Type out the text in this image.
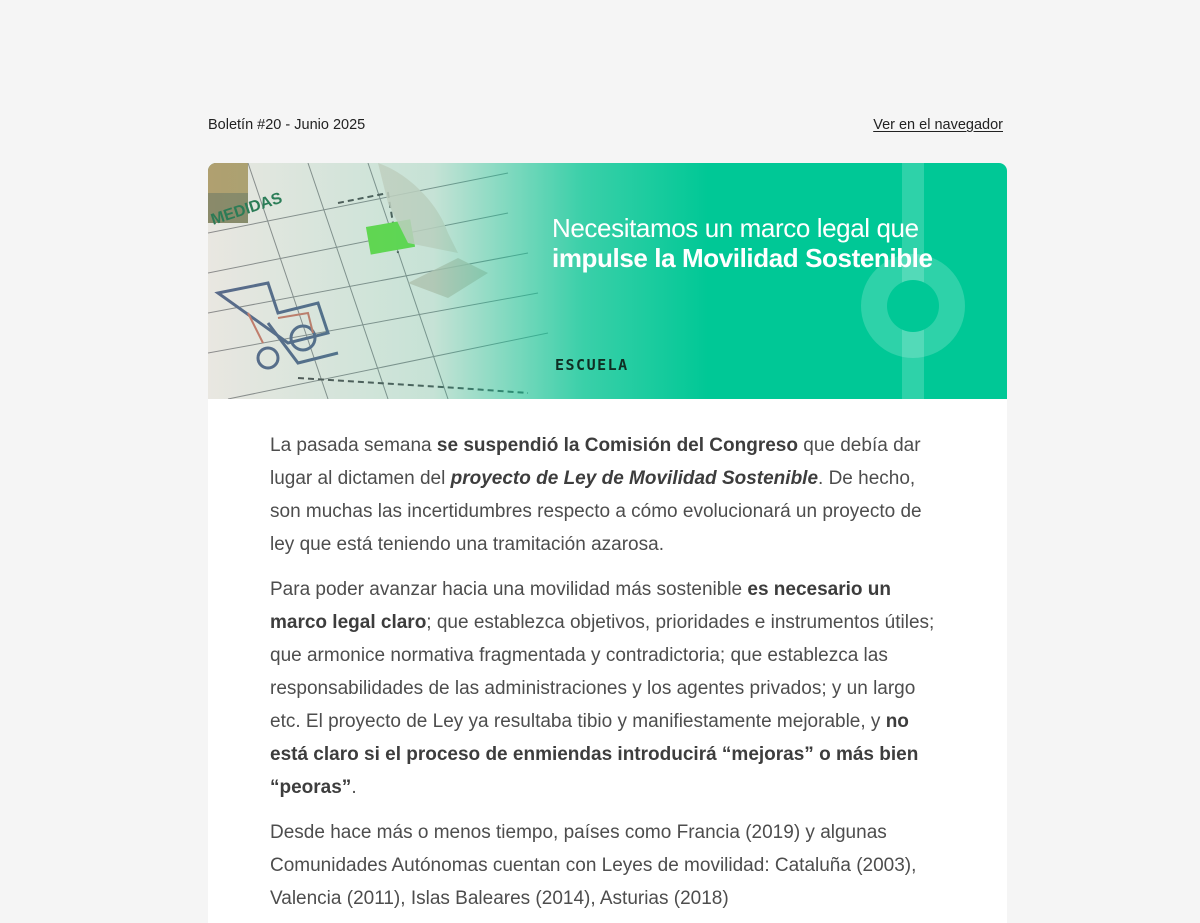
Boletín #20 - Junio 2025	Ver en el navegador
Necesitamos un marco legal que
impulse la Movilidad Sostenible

ESCUELA

La pasada semana se suspendió la Comisión del Congreso que debía dar lugar al dictamen del proyecto de Ley de Movilidad Sostenible. De hecho, son muchas las incertidumbres respecto a cómo evolucionará un proyecto de ley que está teniendo una tramitación azarosa.

Para poder avanzar hacia una movilidad más sostenible es necesario un marco legal claro; que establezca objetivos, prioridades e instrumentos útiles; que armonice normativa fragmentada y contradictoria; que establezca las responsabilidades de las administraciones y los agentes privados; y un largo etc. El proyecto de Ley ya resultaba tibio y manifiestamente mejorable, y no está claro si el proceso de enmiendas introducirá “mejoras” o más bien “peoras”.

Desde hace más o menos tiempo, países como Francia (2019) y algunas Comunidades Autónomas cuentan con Leyes de movilidad: Cataluña (2003), Valencia (2011), Islas Baleares (2014), Asturias (2018)
